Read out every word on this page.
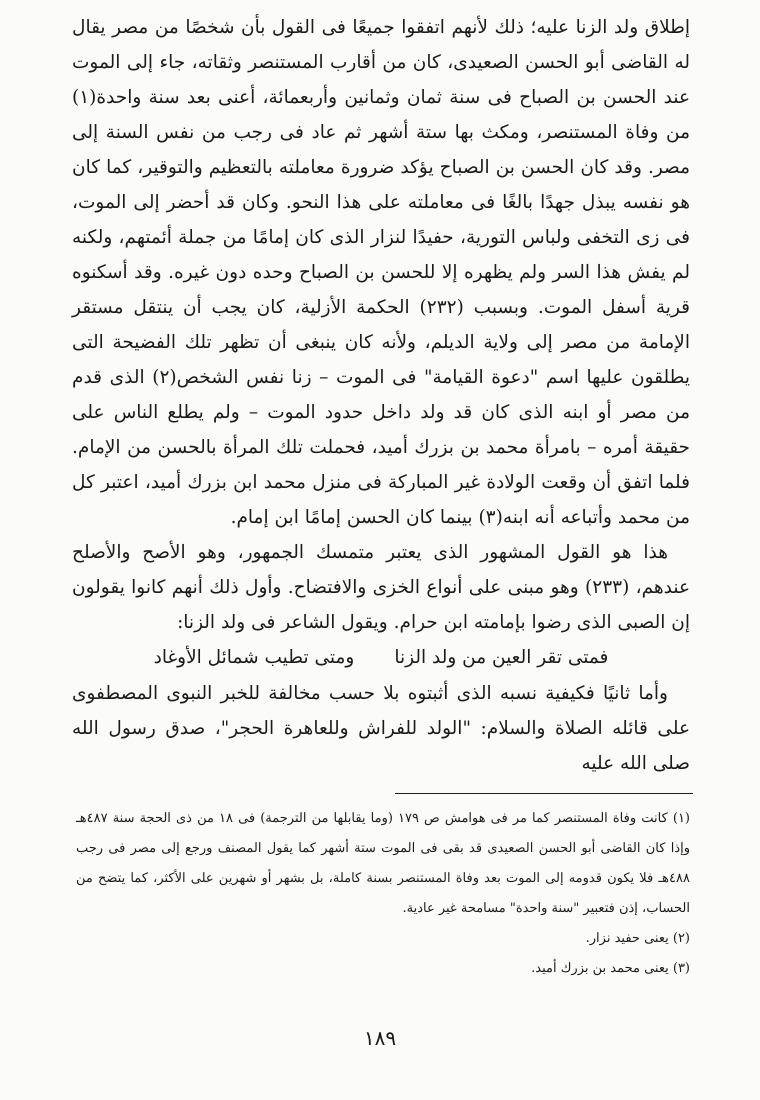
إطلاق ولد الزنا عليه؛ ذلك لأنهم اتفقوا جميعًا فى القول بأن شخصًا من مصر يقال له القاضى أبو الحسن الصعيدى، كان من أقارب المستنصر وثقاته، جاء إلى الموت عند الحسن بن الصباح فى سنة ثمان وثمانين وأربعمائة، أعنى بعد سنة واحدة(١) من وفاة المستنصر، ومكث بها ستة أشهر ثم عاد فى رجب من نفس السنة إلى مصر. وقد كان الحسن بن الصباح يؤكد ضرورة معاملته بالتعظيم والتوقير، كما كان هو نفسه يبذل جهدًا بالغًا فى معاملته على هذا النحو. وكان قد أحضر إلى الموت، فى زى التخفى ولباس التورية، حفيدًا لنزار الذى كان إمامًا من جملة أئمتهم، ولكنه لم يفش هذا السر ولم يظهره إلا للحسن بن الصباح وحده دون غيره. وقد أسكنوه قرية أسفل الموت. وبسبب (٢٣٢) الحكمة الأزلية، كان يجب أن ينتقل مستقر الإمامة من مصر إلى ولاية الديلم، ولأنه كان ينبغى أن تظهر تلك الفضيحة التى يطلقون عليها اسم "دعوة القيامة" فى الموت – زنا نفس الشخص(٢) الذى قدم من مصر أو ابنه الذى كان قد ولد داخل حدود الموت – ولم يطلع الناس على حقيقة أمره – بامرأة محمد بن بزرك أميد، فحملت تلك المرأة بالحسن من الإمام. فلما اتفق أن وقعت الولادة غير المباركة فى منزل محمد ابن بزرك أميد، اعتبر كل من محمد وأتباعه أنه ابنه(٣) بينما كان الحسن إمامًا ابن إمام.

هذا هو القول المشهور الذى يعتبر متمسك الجمهور، وهو الأصح والأصلح عندهم، (٢٣٣) وهو مبنى على أنواع الخزى والافتضاح. وأول ذلك أنهم كانوا يقولون إن الصبى الذى رضوا بإمامته ابن حرام. ويقول الشاعر فى ولد الزنا:

فمتى تقر العين من ولد الزنا
ومتى تطيب شمائل الأوغاد

وأما ثانيًا فكيفية نسبه الذى أثبتوه بلا حسب مخالفة للخبر النبوى المصطفوى على قائله الصلاة والسلام: "الولد للفراش وللعاهرة الحجر"، صدق رسول الله صلى الله عليه

(١) كانت وفاة المستنصر كما مر فى هوامش ص ١٧٩ (وما يقابلها من الترجمة) فى ١٨ من ذى الحجة سنة ٤٨٧هـ وإذا كان القاضى أبو الحسن الصعيدى قد بقى فى الموت ستة أشهر كما يقول المصنف ورجع إلى مصر فى رجب ٤٨٨هـ فلا يكون قدومه إلى الموت بعد وفاة المستنصر بسنة كاملة، بل بشهر أو شهرين على الأكثر، كما يتضح من الحساب، إذن فتعبير "سنة واحدة" مسامحة غير عادية.

(٢) يعنى حفيد نزار.

(٣) يعنى محمد بن بزرك أميد.

١٨٩
